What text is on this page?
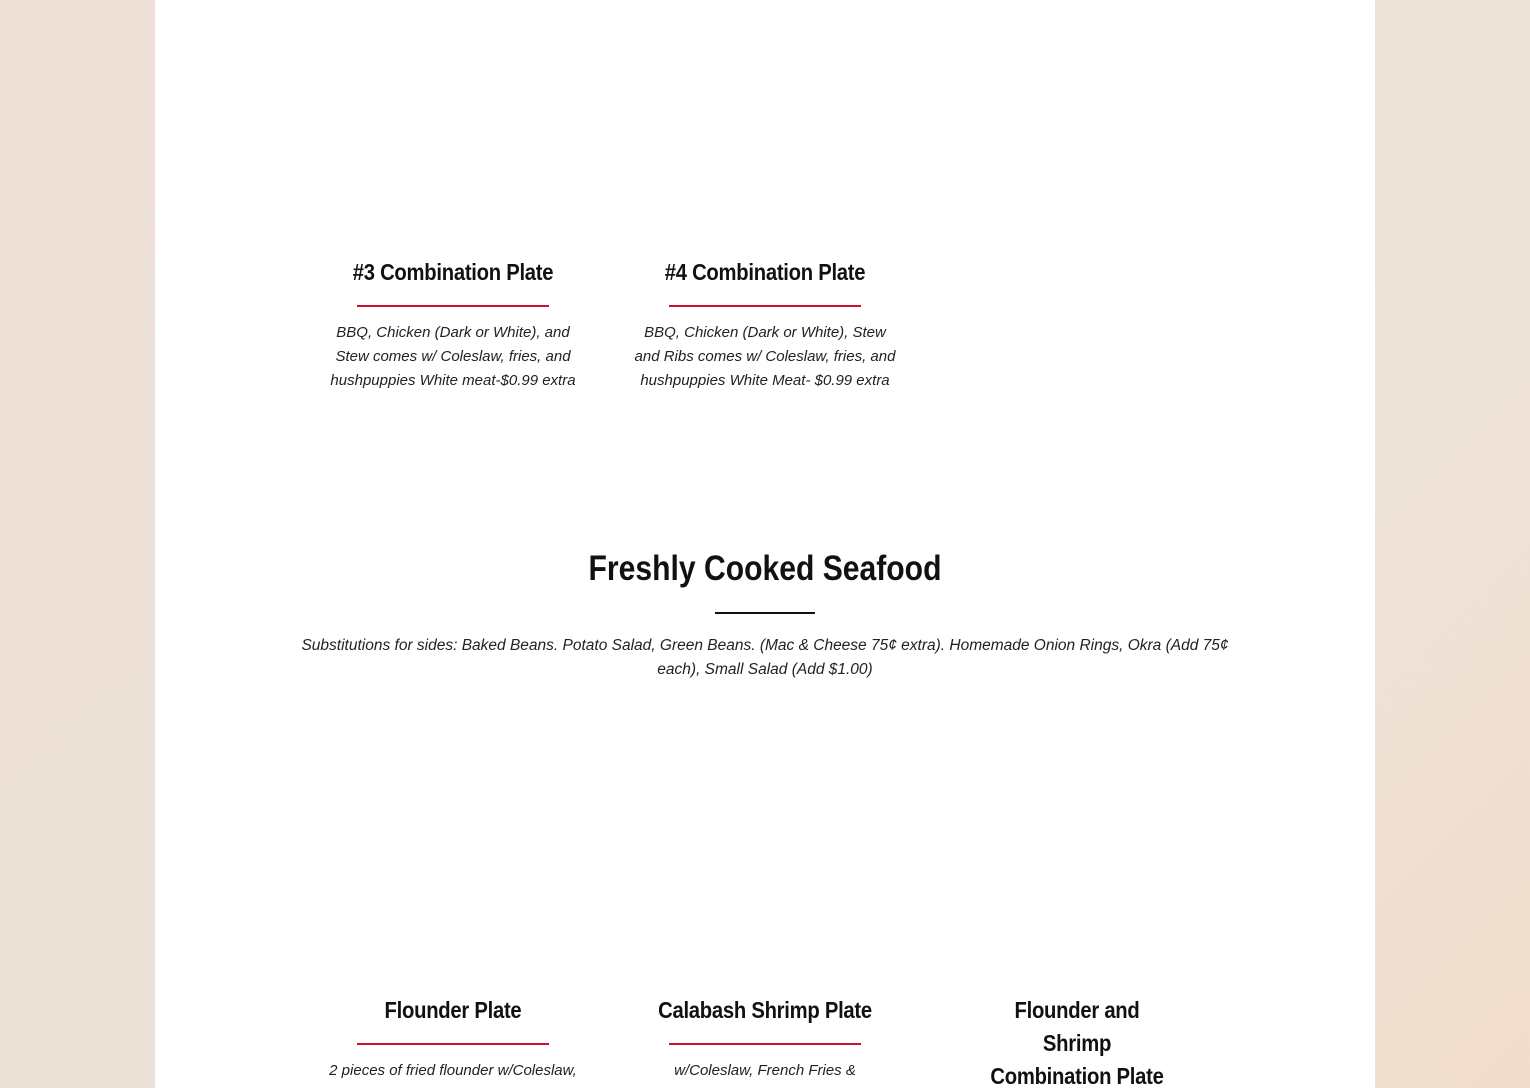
#3 Combination Plate

BBQ, Chicken (Dark or White), and Stew comes w/ Coleslaw, fries, and hushpuppies White meat-$0.99 extra

#4 Combination Plate

BBQ, Chicken (Dark or White), Stew and Ribs comes w/ Coleslaw, fries, and hushpuppies White Meat- $0.99 extra

Freshly Cooked Seafood

Substitutions for sides: Baked Beans. Potato Salad, Green Beans. (Mac & Cheese 75¢ extra). Homemade Onion Rings, Okra (Add 75¢ each), Small Salad (Add $1.00)

Flounder Plate

2 pieces of fried flounder w/Coleslaw,

Calabash Shrimp Plate

w/Coleslaw, French Fries &

Flounder and Shrimp Combination Plate
